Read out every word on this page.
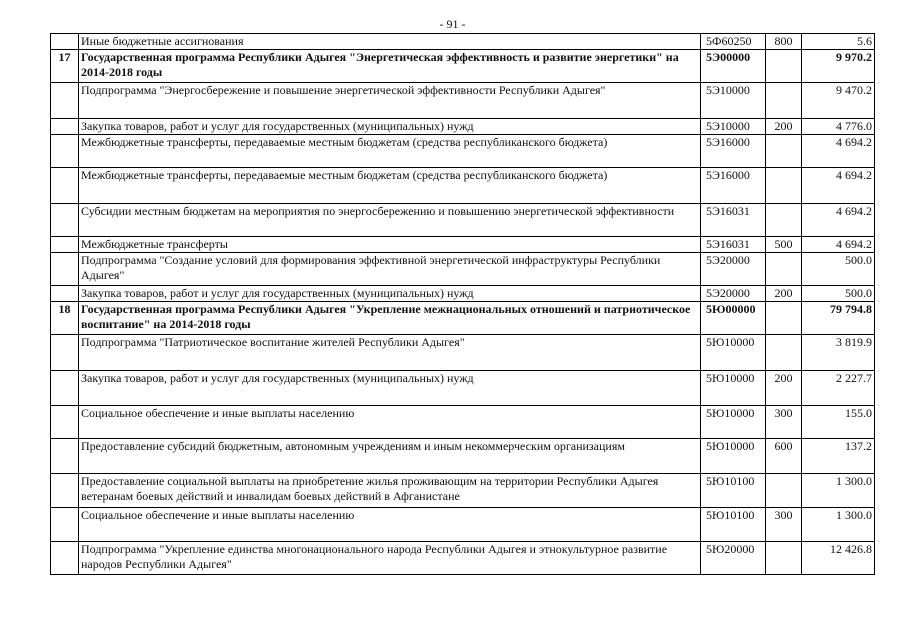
- 91 -
	Иные бюджетные ассигнования	5Ф60250	800	5.6
17	Государственная программа Республики Адыгея "Энергетическая эффективность и развитие энергетики" на 2014-2018 годы	5Э00000		9 970.2
	Подпрограмма "Энергосбережение и повышение энергетической эффективности Республики Адыгея"	5Э10000		9 470.2
	Закупка товаров, работ и услуг для государственных (муниципальных) нужд	5Э10000	200	4 776.0
	Межбюджетные трансферты, передаваемые местным бюджетам (средства республиканского бюджета)	5Э16000		4 694.2
	Межбюджетные трансферты, передаваемые местным бюджетам (средства республиканского бюджета)	5Э16000		4 694.2
	Субсидии местным бюджетам на мероприятия по энергосбережению и повышению энергетической эффективности	5Э16031		4 694.2
	Межбюджетные трансферты	5Э16031	500	4 694.2
	Подпрограмма "Создание условий для формирования эффективной энергетической инфраструктуры Республики Адыгея"	5Э20000		500.0
	Закупка товаров, работ и услуг для государственных (муниципальных) нужд	5Э20000	200	500.0
18	Государственная программа Республики Адыгея "Укрепление межнациональных отношений и патриотическое воспитание" на 2014-2018 годы	5Ю00000		79 794.8
	Подпрограмма "Патриотическое воспитание жителей Республики Адыгея"	5Ю10000		3 819.9
	Закупка товаров, работ и услуг для государственных (муниципальных) нужд	5Ю10000	200	2 227.7
	Социальное обеспечение и иные выплаты населению	5Ю10000	300	155.0
	Предоставление субсидий бюджетным, автономным учреждениям и иным некоммерческим организациям	5Ю10000	600	137.2
	Предоставление социальной выплаты на приобретение жилья проживающим на территории Республики Адыгея ветеранам боевых действий и инвалидам боевых действий в Афганистане	5Ю10100		1 300.0
	Социальное обеспечение и иные выплаты населению	5Ю10100	300	1 300.0
	Подпрограмма "Укрепление единства многонационального народа Республики Адыгея и этнокультурное развитие народов Республики Адыгея"	5Ю20000		12 426.8
